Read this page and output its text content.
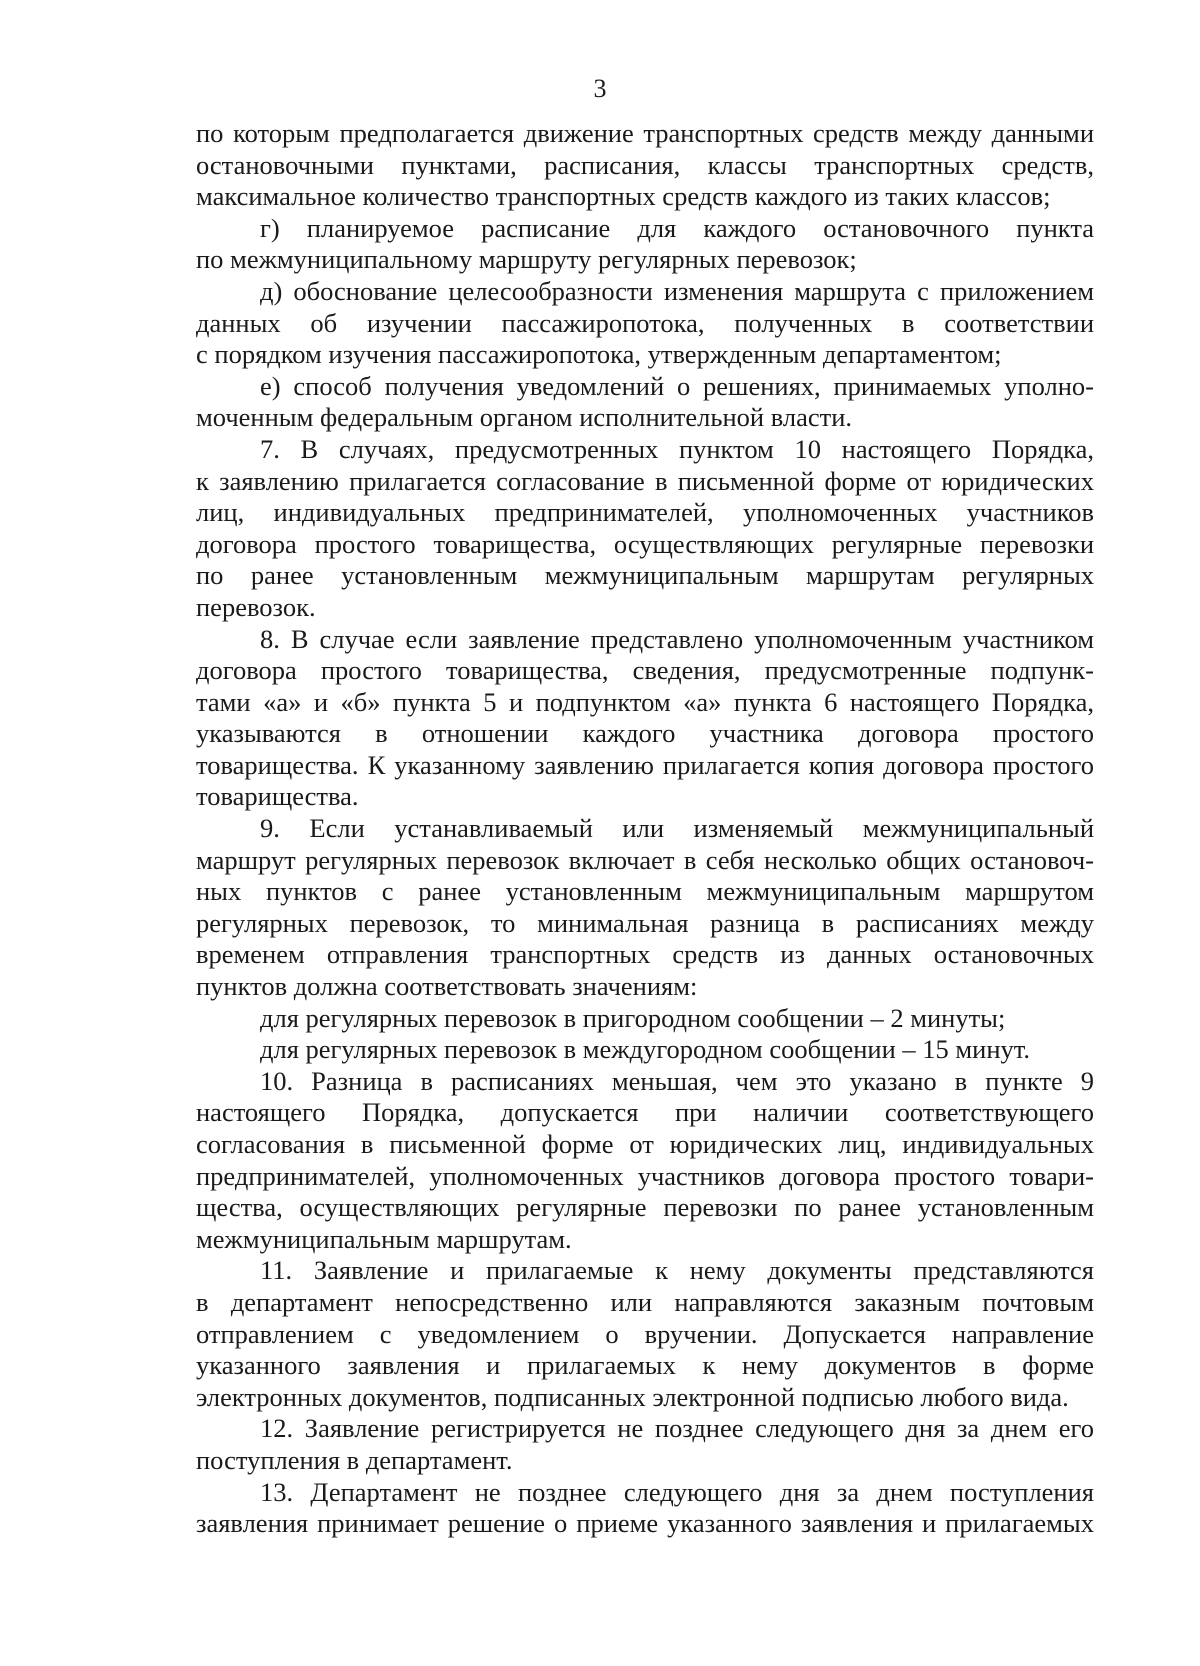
3
по которым предполагается движение транспортных средств между данными
остановочными пунктами, расписания, классы транспортных средств,
максимальное количество транспортных средств каждого из таких классов;
г) планируемое расписание для каждого остановочного пункта
по межмуниципальному маршруту регулярных перевозок;
д) обоснование целесообразности изменения маршрута с приложением
данных об изучении пассажиропотока, полученных в соответствии
с порядком изучения пассажиропотока, утвержденным департаментом;
е) способ получения уведомлений о решениях, принимаемых уполно-
моченным федеральным органом исполнительной власти.
7. В случаях, предусмотренных пунктом 10 настоящего Порядка,
к заявлению прилагается согласование в письменной форме от юридических
лиц, индивидуальных предпринимателей, уполномоченных участников
договора простого товарищества, осуществляющих регулярные перевозки
по ранее установленным межмуниципальным маршрутам регулярных
перевозок.
8. В случае если заявление представлено уполномоченным участником
договора простого товарищества, сведения, предусмотренные подпунк-
тами «а» и «б» пункта 5 и подпунктом «а» пункта 6 настоящего Порядка,
указываются в отношении каждого участника договора простого
товарищества. К указанному заявлению прилагается копия договора простого
товарищества.
9. Если устанавливаемый или изменяемый межмуниципальный
маршрут регулярных перевозок включает в себя несколько общих остановоч-
ных пунктов с ранее установленным межмуниципальным маршрутом
регулярных перевозок, то минимальная разница в расписаниях между
временем отправления транспортных средств из данных остановочных
пунктов должна соответствовать значениям:
для регулярных перевозок в пригородном сообщении – 2 минуты;
для регулярных перевозок в междугородном сообщении – 15 минут.
10. Разница в расписаниях меньшая, чем это указано в пункте 9
настоящего Порядка, допускается при наличии соответствующего
согласования в письменной форме от юридических лиц, индивидуальных
предпринимателей, уполномоченных участников договора простого товари-
щества, осуществляющих регулярные перевозки по ранее установленным
межмуниципальным маршрутам.
11. Заявление и прилагаемые к нему документы представляются
в департамент непосредственно или направляются заказным почтовым
отправлением с уведомлением о вручении. Допускается направление
указанного заявления и прилагаемых к нему документов в форме
электронных документов, подписанных электронной подписью любого вида.
12. Заявление регистрируется не позднее следующего дня за днем его
поступления в департамент.
13. Департамент не позднее следующего дня за днем поступления
заявления принимает решение о приеме указанного заявления и прилагаемых
